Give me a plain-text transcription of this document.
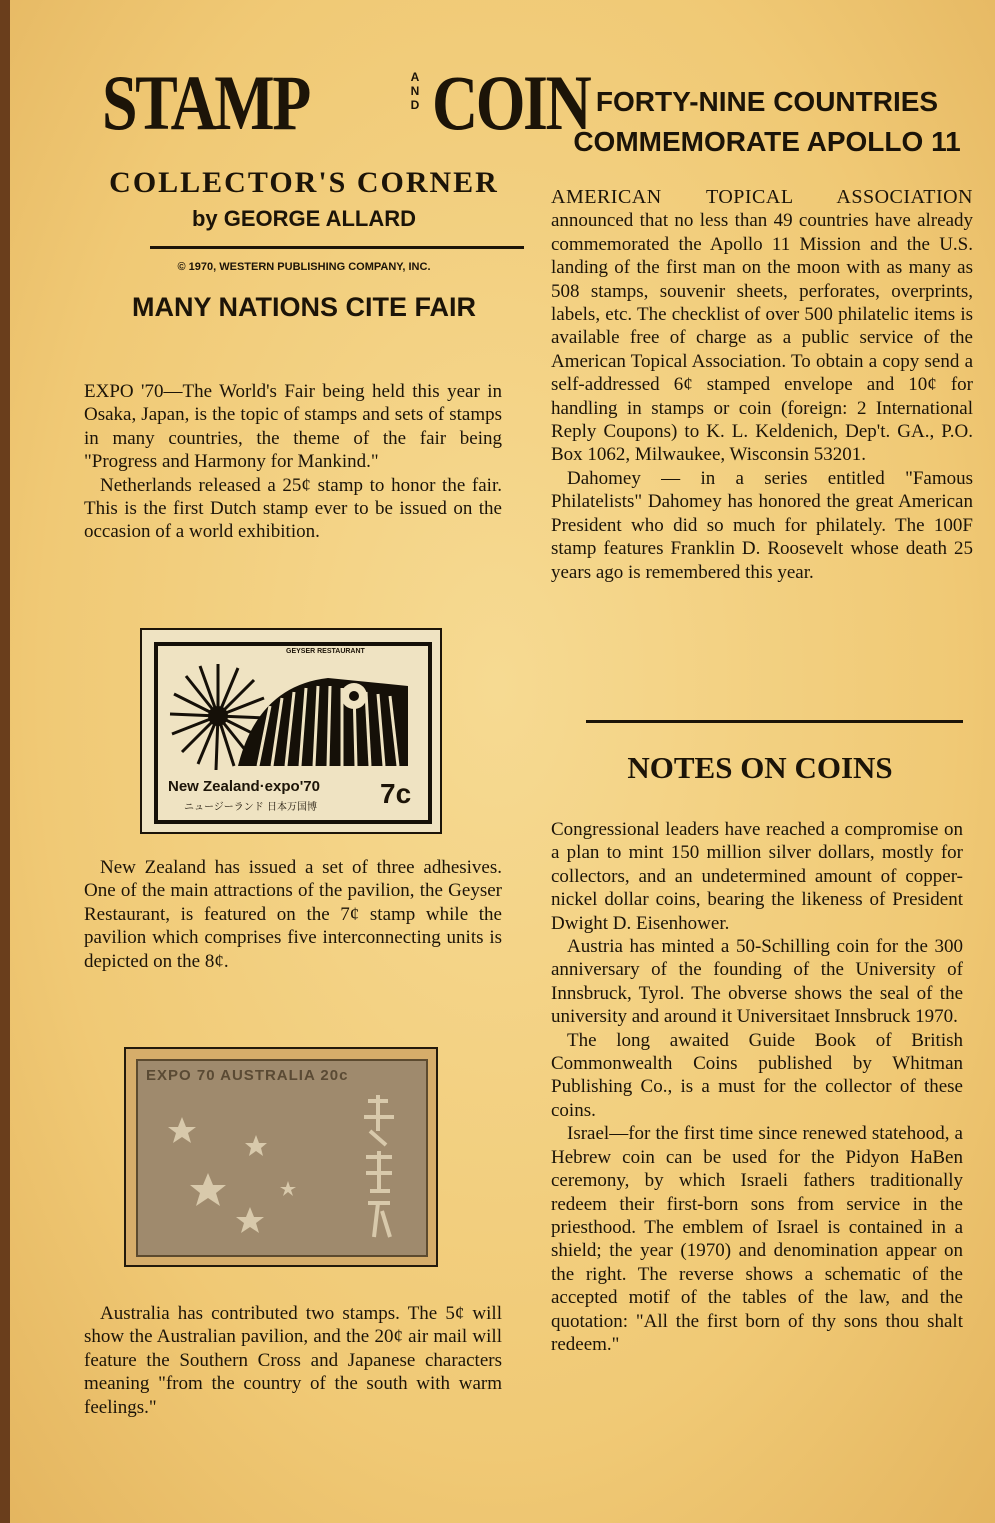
STAMP	A
N
D COIN
COLLECTOR'S CORNER
by GEORGE ALLARD
© 1970, WESTERN PUBLISHING COMPANY, INC.
MANY NATIONS CITE FAIR

EXPO '70—The World's Fair being held this year in Osaka, Japan, is the topic of stamps and sets of stamps in many countries, the theme of the fair being "Progress and Harmony for Mankind."

Netherlands released a 25¢ stamp to honor the fair. This is the first Dutch stamp ever to be issued on the occasion of a world exhibition.

New Zealand has issued a set of three adhesives. One of the main attractions of the pavilion, the Geyser Restaurant, is featured on the 7¢ stamp while the pavilion which comprises five interconnecting units is depicted on the 8¢.

Australia has contributed two stamps. The 5¢ will show the Australian pavilion, and the 20¢ air mail will feature the Southern Cross and Japanese characters meaning "from the country of the south with warm feelings."

GEYSER RESTAURANT
New Zealand·expo'70
ニュージーランド 日本万国博 7c
EXPO 70 AUSTRALIA 20c
FORTY-NINE COUNTRIES
COMMEMORATE APOLLO 11
AMERICAN TOPICAL ASSOCIATION

announced that no less than 49 countries have already commemorated the Apollo 11 Mission and the U.S. landing of the first man on the moon with as many as 508 stamps, souvenir sheets, perforates, overprints, labels, etc. The checklist of over 500 philatelic items is available free of charge as a public service of the American Topical Association. To obtain a copy send a self-addressed 6¢ stamped envelope and 10¢ for handling in stamps or coin (foreign: 2 International Reply Coupons) to K. L. Keldenich, Dep't. GA., P.O. Box 1062, Milwaukee, Wisconsin 53201.

Dahomey — in a series entitled "Famous Philatelists" Dahomey has honored the great American President who did so much for philately. The 100F stamp features Franklin D. Roosevelt whose death 25 years ago is remembered this year.

NOTES ON COINS

Congressional leaders have reached a compromise on a plan to mint 150 million silver dollars, mostly for collectors, and an undetermined amount of copper-nickel dollar coins, bearing the likeness of President Dwight D. Eisenhower.

Austria has minted a 50-Schilling coin for the 300 anniversary of the founding of the University of Innsbruck, Tyrol. The obverse shows the seal of the university and around it Universitaet Innsbruck 1970.

The long awaited Guide Book of British Commonwealth Coins published by Whitman Publishing Co., is a must for the collector of these coins.

Israel—for the first time since renewed statehood, a Hebrew coin can be used for the Pidyon HaBen ceremony, by which Israeli fathers traditionally redeem their first-born sons from service in the priesthood. The emblem of Israel is contained in a shield; the year (1970) and denomination appear on the right. The reverse shows a schematic of the accepted motif of the tables of the law, and the quotation: "All the first born of thy sons thou shalt redeem."
